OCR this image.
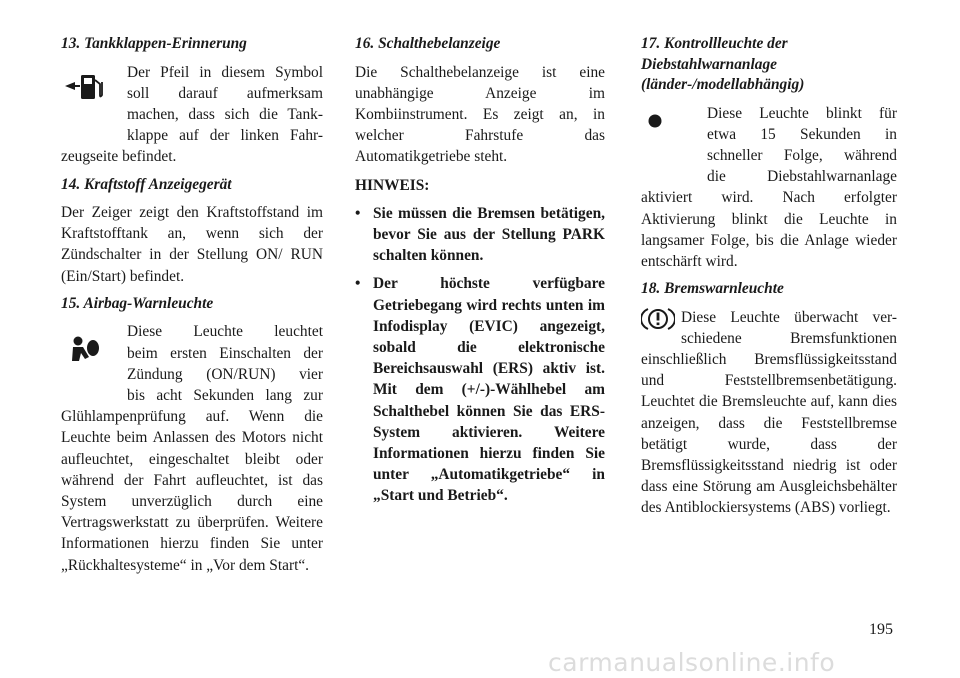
13. Tankklappen-Erinnerung
Der Pfeil in diesem Symbol
soll darauf aufmerksam
machen, dass sich die Tank-
klappe auf der linken Fahr-

zeugseite befindet.

14. Kraftstoff Anzeigegerät

Der Zeiger zeigt den Kraftstoffstand im Kraftstofftank an, wenn sich der Zündschalter in der Stellung ON/ RUN (Ein/Start) befindet.

15. Airbag-Warnleuchte
Diese Leuchte leuchtet
beim ersten Einschalten der
Zündung (ON/RUN) vier
bis acht Sekunden lang zur

Glühlampenprüfung auf. Wenn die Leuchte beim Anlassen des Motors nicht aufleuchtet, eingeschaltet bleibt oder während der Fahrt aufleuchtet, ist das System unverzüglich durch eine Vertragswerkstatt zu überprüfen. Weitere Informationen hierzu finden Sie unter „Rückhaltesysteme“ in „Vor dem Start“.

16. Schalthebelanzeige

Die Schalthebelanzeige ist eine unabhängige Anzeige im Kombiinstrument. Es zeigt an, in welcher Fahrstufe das Automatikgetriebe steht.

HINWEIS:
• Sie müssen die Bremsen betätigen, bevor Sie aus der Stellung PARK schalten können.
• Der höchste verfügbare Getriebegang wird rechts unten im Infodisplay (EVIC) angezeigt, sobald die elektronische Bereichsauswahl (ERS) aktiv ist. Mit dem (+/-)-Wählhebel am Schalthebel können Sie das ERS-System aktivieren. Weitere Informationen hierzu finden Sie unter „Automatikgetriebe“ in „Start und Betrieb“.
17. Kontrollleuchte der Diebstahlwarnanlage (länder-/modellabhängig)
Diese Leuchte blinkt für
etwa 15 Sekunden in
schneller Folge, während
die Diebstahlwarnanlage

aktiviert wird. Nach erfolgter Aktivierung blinkt die Leuchte in langsamer Folge, bis die Anlage wieder entschärft wird.

18. Bremswarnleuchte
Diese Leuchte überwacht ver-
schiedene Bremsfunktionen

einschließlich Bremsflüssigkeitsstand und Feststellbremsenbetätigung. Leuchtet die Bremsleuchte auf, kann dies anzeigen, dass die Feststellbremse betätigt wurde, dass der Bremsflüssigkeitsstand niedrig ist oder dass eine Störung am Ausgleichsbehälter des Antiblockiersystems (ABS) vorliegt.

195
carmanualsonline.info
